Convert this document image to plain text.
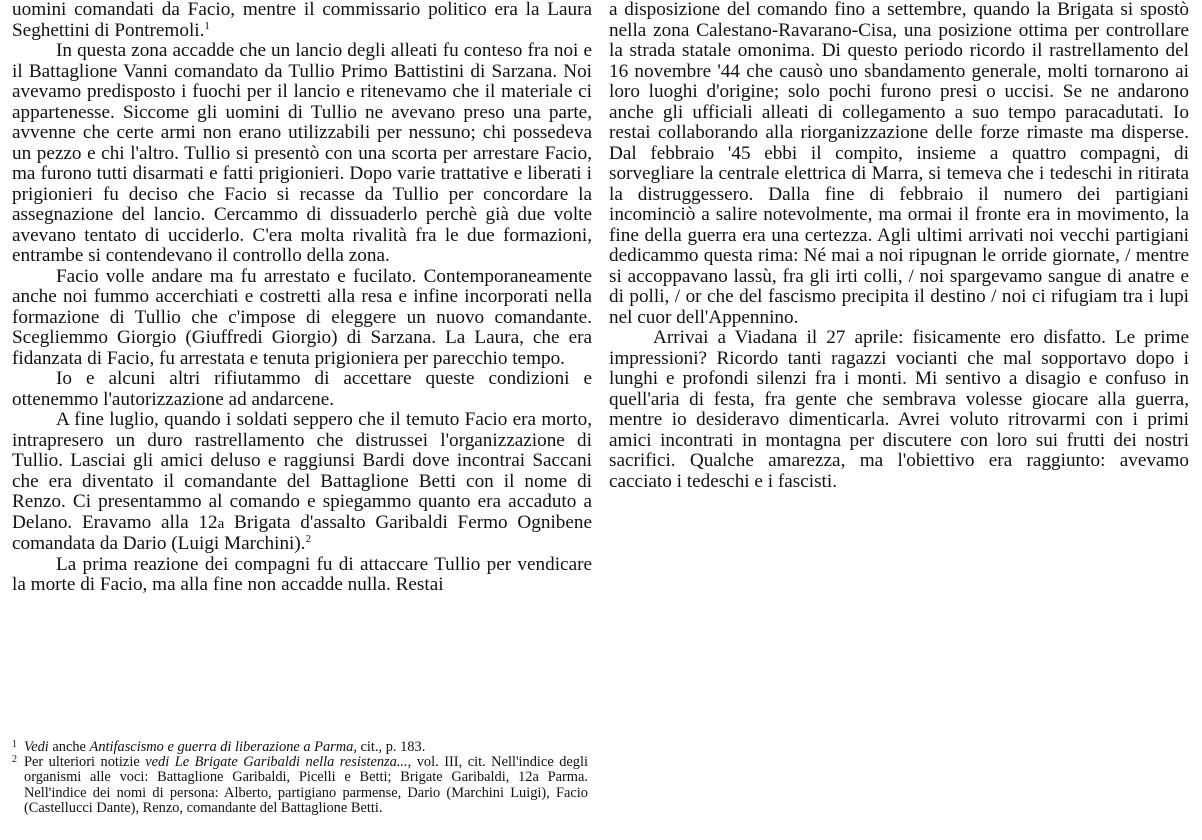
uomini comandati da Facio, mentre il commissario politico era la Laura Seghettini di Pontremoli.$^1$

In questa zona accadde che un lancio degli alleati fu conteso fra noi e il Battaglione Vanni comandato da Tullio Primo Battistini di Sarzana. Noi avevamo predisposto i fuochi per il lancio e ritenevamo che il materiale ci appartenesse. Siccome gli uomini di Tullio ne avevano preso una parte, avvenne che certe armi non erano utilizzabili per nessuno; chi possedeva un pezzo e chi l'altro. Tullio si presentò con una scorta per arrestare Facio, ma furono tutti disarmati e fatti prigionieri. Dopo varie trattative e liberati i prigionieri fu deciso che Facio si recasse da Tullio per concordare la assegnazione del lancio. Cercammo di dissuaderlo perchè già due volte avevano tentato di ucciderlo. C'era molta rivalità fra le due formazioni, entrambe si contendevano il controllo della zona.

Facio volle andare ma fu arrestato e fucilato. Contemporaneamente anche noi fummo accerchiati e costretti alla resa e infine incorporati nella formazione di Tullio che c'impose di eleggere un nuovo comandante. Scegliemmo Giorgio (Giuffredi Giorgio) di Sarzana. La Laura, che era fidanzata di Facio, fu arrestata e tenuta prigioniera per parecchio tempo.

Io e alcuni altri rifiutammo di accettare queste condizioni e ottenemmo l'autorizzazione ad andarcene.

A fine luglio, quando i soldati seppero che il temuto Facio era morto, intrapresero un duro rastrellamento che distrussei l'organizzazione di Tullio. Lasciai gli amici deluso e raggiunsi Bardi dove incontrai Saccani che era diventato il comandante del Battaglione Betti con il nome di Renzo. Ci presentammo al comando e spiegammo quanto era accaduto a Delano. Eravamo alla 12a Brigata d'assalto Garibaldi Fermo Ognibene comandata da Dario (Luigi Marchini).$^2$

La prima reazione dei compagni fu di attaccare Tullio per vendicare la morte di Facio, ma alla fine non accadde nulla. Restai

a disposizione del comando fino a settembre, quando la Brigata si spostò nella zona Calestano-Ravarano-Cisa, una posizione ottima per controllare la strada statale omonima. Di questo periodo ricordo il rastrellamento del 16 novembre '44 che causò uno sbandamento generale, molti tornarono ai loro luoghi d'origine; solo pochi furono presi o uccisi. Se ne andarono anche gli ufficiali alleati di collegamento a suo tempo paracadutati. Io restai collaborando alla riorganizzazione delle forze rimaste ma disperse. Dal febbraio '45 ebbi il compito, insieme a quattro compagni, di sorvegliare la centrale elettrica di Marra, si temeva che i tedeschi in ritirata la distruggessero. Dalla fine di febbraio il numero dei partigiani incominciò a salire notevolmente, ma ormai il fronte era in movimento, la fine della guerra era una certezza. Agli ultimi arrivati noi vecchi partigiani dedicammo questa rima: Né mai a noi ripugnan le orride giornate, / mentre si accoppavano lassù, fra gli irti colli, / noi spargevamo sangue di anatre e di polli, / or che del fascismo precipita il destino / noi ci rifugiam tra i lupi nel cuor dell'Appennino.

Arrivai a Viadana il 27 aprile: fisicamente ero disfatto. Le prime impressioni? Ricordo tanti ragazzi vocianti che mal sopportavo dopo i lunghi e profondi silenzi fra i monti. Mi sentivo a disagio e confuso in quell'aria di festa, fra gente che sembrava volesse giocare alla guerra, mentre io desideravo dimenticarla. Avrei voluto ritrovarmi con i primi amici incontrati in montagna per discutere con loro sui frutti dei nostri sacrifici. Qualche amarezza, ma l'obiettivo era raggiunto: avevamo cacciato i tedeschi e i fascisti.

1 Vedi anche Antifascismo e guerra di liberazione a Parma, cit., p. 183.

2 Per ulteriori notizie vedi Le Brigate Garibaldi nella resistenza..., vol. III, cit. Nell'indice degli organismi alle voci: Battaglione Garibaldi, Picelli e Betti; Brigate Garibaldi, 12a Parma. Nell'indice dei nomi di persona: Alberto, partigiano parmense, Dario (Marchini Luigi), Facio (Castellucci Dante), Renzo, comandante del Battaglione Betti.
